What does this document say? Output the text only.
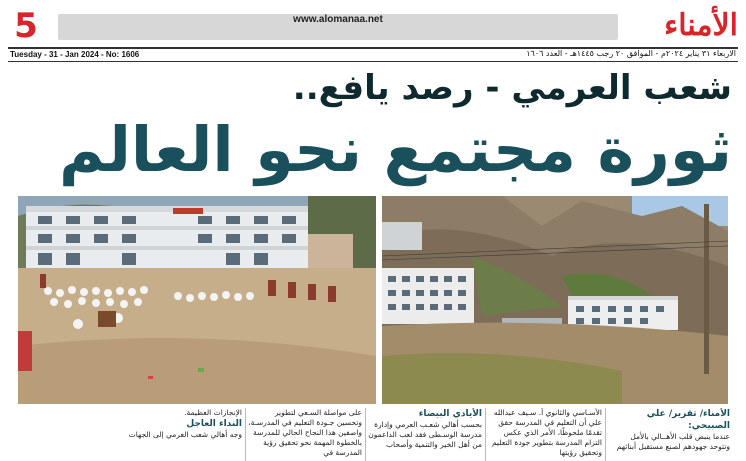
5	www.alomanaa.net	الأمناء
Tuesday - 31 - Jan 2024 - No: 1606	الاربعاء ٣١ يناير ٢٠٢٤م - الموافق ٢٠ رجب ١٤٤٥هـ - العدد ١٦٠٦
شعب العرمي - رصد يافع..
ثورة مجتمع نحو العالم

الأمناء/ تقرير/ علي الصبيحي:

عندما ينبض قلب الأهــالي بالأمل وتتوحد جهودهم لصنع مستقبل أبنائهم

الأسـاسي والثانوي أ. سـيف عبدالله علي أن التعليم في المدرسة حقق تقدمًا ملحوظًا، الأمر الذي عكس التزام المدرسة بتطوير جودة التعليم وتحقيق رؤيتها

الأيادي البيضاء

بحسب أهالي شعـب العرمي وإدارة مدرسة الوسـطى فقد لعب الداعمون من أهل الخير والتنمية وأصحاب

على مواصلة السـعي لتطوير وتحسين جـودة التعليم في المدرسـة، واصفين هذا النجاح الحالي للمدرسة بالخطوة المهمة نحو تحقيق رؤية المدرسة في

الإنجازات العظيمة.

النداء العاجل

وجه أهالي شعب العرمي إلى الجهات
